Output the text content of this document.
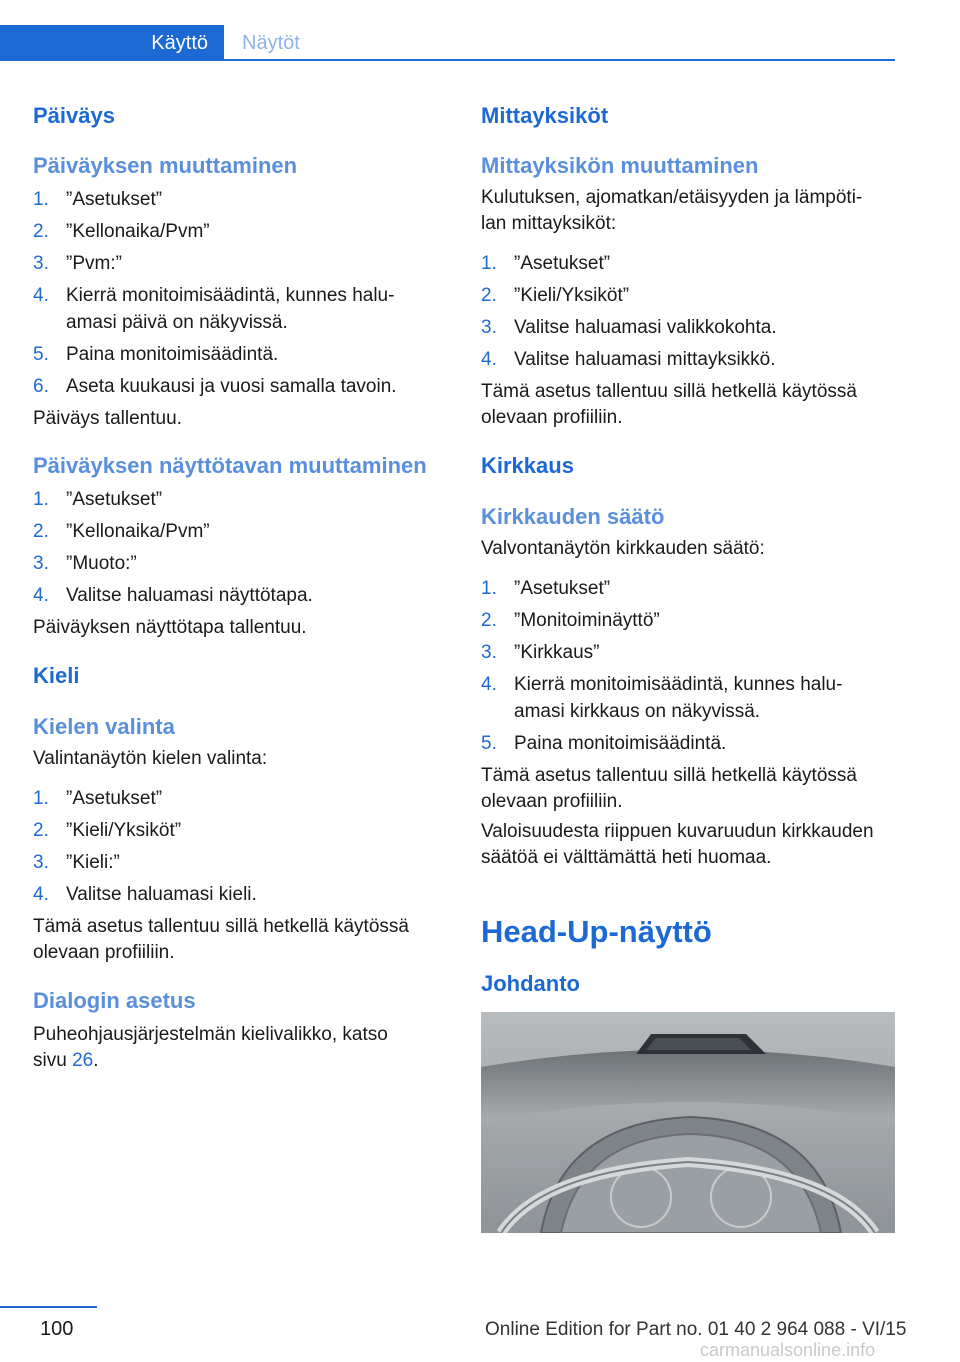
Käyttö	Näytöt
Päiväys
Päiväyksen muuttaminen
1. ”Asetukset”
2. ”Kellonaika/Pvm”
3. ”Pvm:”
4. Kierrä monitoimisäädintä, kunnes halu-
amasi päivä on näkyvissä.
5. Paina monitoimisäädintä.
6. Aseta kuukausi ja vuosi samalla tavoin.
Päiväys tallentuu.
Päiväyksen näyttötavan muuttaminen
1. ”Asetukset”
2. ”Kellonaika/Pvm”
3. ”Muoto:”
4. Valitse haluamasi näyttötapa.
Päiväyksen näyttötapa tallentuu.
Kieli
Kielen valinta
Valintanäytön kielen valinta:
1. ”Asetukset”
2. ”Kieli/Yksiköt”
3. ”Kieli:”
4. Valitse haluamasi kieli.
Tämä asetus tallentuu sillä hetkellä käytössä
olevaan profiiliin.
Dialogin asetus
Puheohjausjärjestelmän kielivalikko, katso
sivu 26.
Mittayksiköt
Mittayksikön muuttaminen
Kulutuksen, ajomatkan/etäisyyden ja lämpöti-
lan mittayksiköt:
1. ”Asetukset”
2. ”Kieli/Yksiköt”
3. Valitse haluamasi valikkokohta.
4. Valitse haluamasi mittayksikkö.
Tämä asetus tallentuu sillä hetkellä käytössä
olevaan profiiliin.
Kirkkaus
Kirkkauden säätö
Valvontanäytön kirkkauden säätö:
1. ”Asetukset”
2. ”Monitoiminäyttö”
3. ”Kirkkaus”
4. Kierrä monitoimisäädintä, kunnes halu-
amasi kirkkaus on näkyvissä.
5. Paina monitoimisäädintä.
Tämä asetus tallentuu sillä hetkellä käytössä
olevaan profiiliin.
Valoisuudesta riippuen kuvaruudun kirkkauden
säätöä ei välttämättä heti huomaa.
Head-Up-näyttö
Johdanto
100	Online Edition for Part no. 01 40 2 964 088 - VI/15
carmanualsonline.info
